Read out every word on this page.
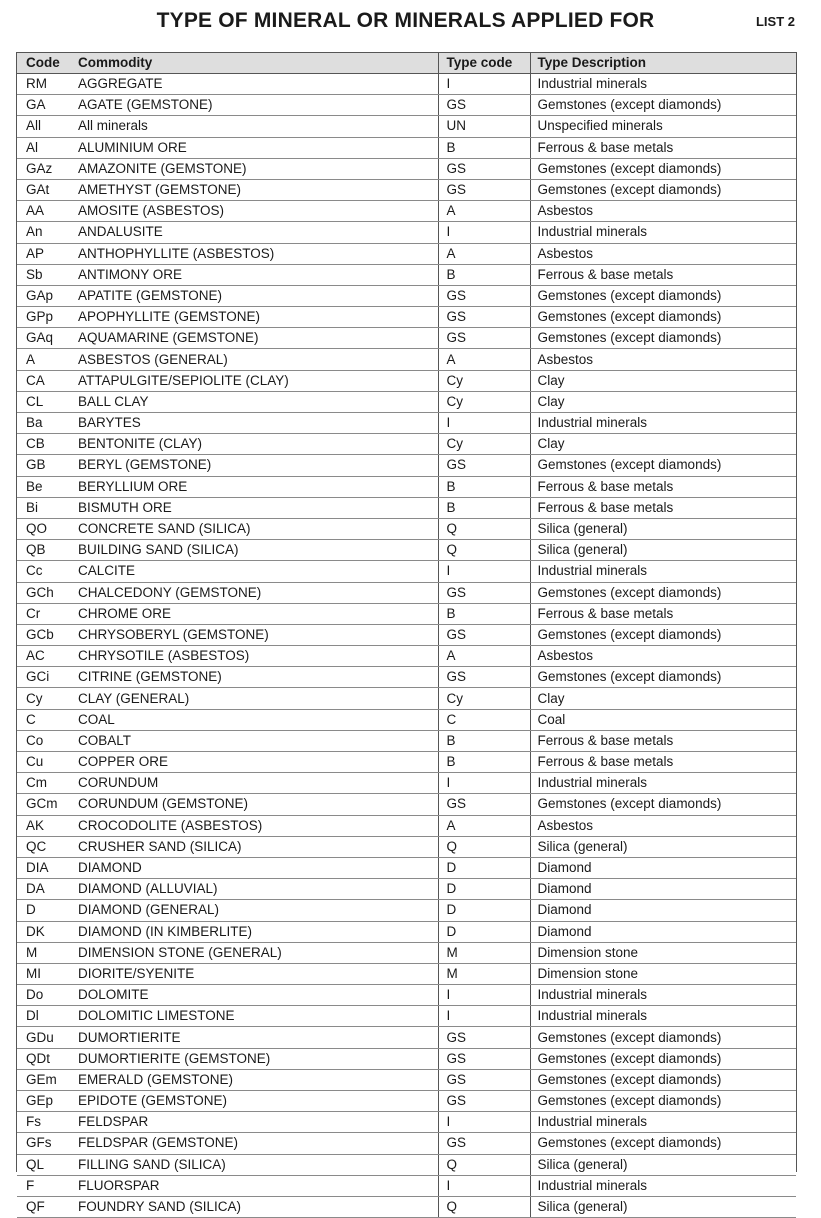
TYPE OF MINERAL OR MINERALS APPLIED FOR	LIST 2
Code	Commodity	Type code	Type Description
RM	AGGREGATE	I	Industrial minerals
GA	AGATE (GEMSTONE)	GS	Gemstones (except diamonds)
All	All minerals	UN	Unspecified minerals
Al	ALUMINIUM ORE	B	Ferrous & base metals
GAz	AMAZONITE (GEMSTONE)	GS	Gemstones (except diamonds)
GAt	AMETHYST (GEMSTONE)	GS	Gemstones (except diamonds)
AA	AMOSITE (ASBESTOS)	A	Asbestos
An	ANDALUSITE	I	Industrial minerals
AP	ANTHOPHYLLITE (ASBESTOS)	A	Asbestos
Sb	ANTIMONY ORE	B	Ferrous & base metals
GAp	APATITE (GEMSTONE)	GS	Gemstones (except diamonds)
GPp	APOPHYLLITE (GEMSTONE)	GS	Gemstones (except diamonds)
GAq	AQUAMARINE (GEMSTONE)	GS	Gemstones (except diamonds)
A	ASBESTOS (GENERAL)	A	Asbestos
CA	ATTAPULGITE/SEPIOLITE (CLAY)	Cy	Clay
CL	BALL CLAY	Cy	Clay
Ba	BARYTES	I	Industrial minerals
CB	BENTONITE (CLAY)	Cy	Clay
GB	BERYL (GEMSTONE)	GS	Gemstones (except diamonds)
Be	BERYLLIUM ORE	B	Ferrous & base metals
Bi	BISMUTH ORE	B	Ferrous & base metals
QO	CONCRETE SAND (SILICA)	Q	Silica (general)
QB	BUILDING SAND (SILICA)	Q	Silica (general)
Cc	CALCITE	I	Industrial minerals
GCh	CHALCEDONY (GEMSTONE)	GS	Gemstones (except diamonds)
Cr	CHROME ORE	B	Ferrous & base metals
GCb	CHRYSOBERYL (GEMSTONE)	GS	Gemstones (except diamonds)
AC	CHRYSOTILE (ASBESTOS)	A	Asbestos
GCi	CITRINE (GEMSTONE)	GS	Gemstones (except diamonds)
Cy	CLAY (GENERAL)	Cy	Clay
C	COAL	C	Coal
Co	COBALT	B	Ferrous & base metals
Cu	COPPER ORE	B	Ferrous & base metals
Cm	CORUNDUM	I	Industrial minerals
GCm	CORUNDUM (GEMSTONE)	GS	Gemstones (except diamonds)
AK	CROCODOLITE (ASBESTOS)	A	Asbestos
QC	CRUSHER SAND (SILICA)	Q	Silica (general)
DIA	DIAMOND	D	Diamond
DA	DIAMOND (ALLUVIAL)	D	Diamond
D	DIAMOND (GENERAL)	D	Diamond
DK	DIAMOND (IN KIMBERLITE)	D	Diamond
M	DIMENSION STONE (GENERAL)	M	Dimension stone
MI	DIORITE/SYENITE	M	Dimension stone
Do	DOLOMITE	I	Industrial minerals
Dl	DOLOMITIC LIMESTONE	I	Industrial minerals
GDu	DUMORTIERITE	GS	Gemstones (except diamonds)
QDt	DUMORTIERITE (GEMSTONE)	GS	Gemstones (except diamonds)
GEm	EMERALD (GEMSTONE)	GS	Gemstones (except diamonds)
GEp	EPIDOTE (GEMSTONE)	GS	Gemstones (except diamonds)
Fs	FELDSPAR	I	Industrial minerals
GFs	FELDSPAR (GEMSTONE)	GS	Gemstones (except diamonds)
QL	FILLING SAND (SILICA)	Q	Silica (general)
F	FLUORSPAR	I	Industrial minerals
QF	FOUNDRY SAND (SILICA)	Q	Silica (general)
